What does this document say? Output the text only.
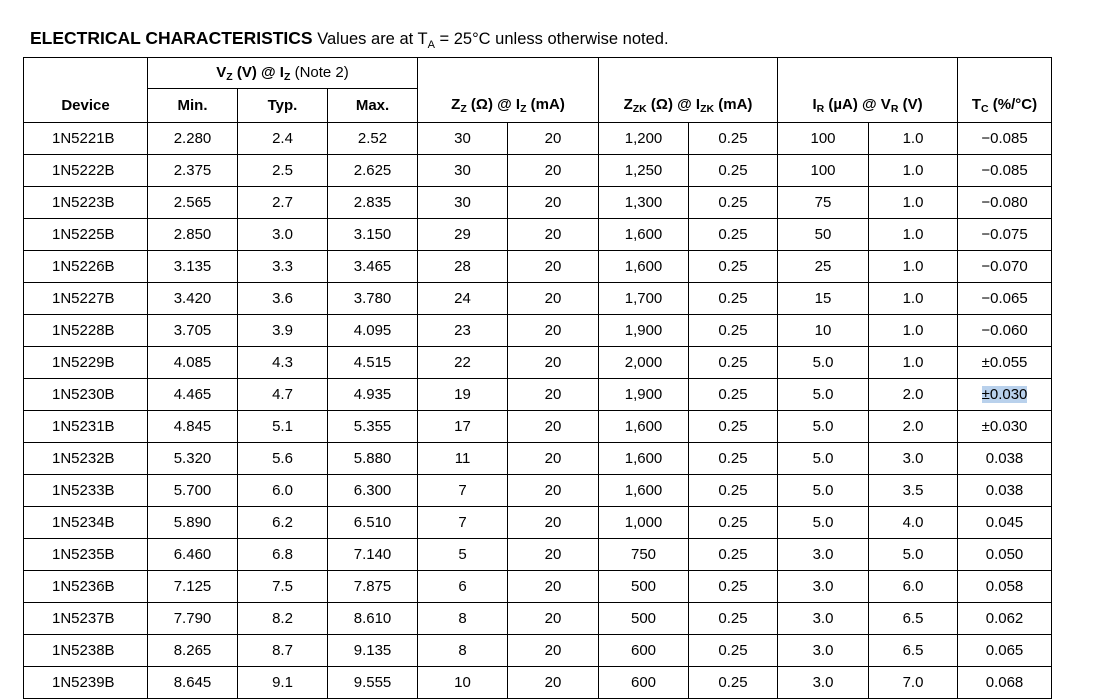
ELECTRICAL CHARACTERISTICS Values are at $T_A = 25^\circ C$ unless otherwise noted.
	$V_Z$ (V) @ $I_Z$ (Note 2)									
Device	Min.	Typ.	Max.	$Z_Z$ (Ω) @ $I_Z$ (mA)		$Z_{ZK}$ (Ω) @ $I_{ZK}$ (mA)		$I_R$ (µA) @ $V_R$ (V)		$T_C$ (%/°C)
1N5221B	2.280	2.4	2.52	30	20	1,200	0.25	100	1.0	−0.085
1N5222B	2.375	2.5	2.625	30	20	1,250	0.25	100	1.0	−0.085
1N5223B	2.565	2.7	2.835	30	20	1,300	0.25	75	1.0	−0.080
1N5225B	2.850	3.0	3.150	29	20	1,600	0.25	50	1.0	−0.075
1N5226B	3.135	3.3	3.465	28	20	1,600	0.25	25	1.0	−0.070
1N5227B	3.420	3.6	3.780	24	20	1,700	0.25	15	1.0	−0.065
1N5228B	3.705	3.9	4.095	23	20	1,900	0.25	10	1.0	−0.060
1N5229B	4.085	4.3	4.515	22	20	2,000	0.25	5.0	1.0	±0.055
1N5230B	4.465	4.7	4.935	19	20	1,900	0.25	5.0	2.0	±0.030
1N5231B	4.845	5.1	5.355	17	20	1,600	0.25	5.0	2.0	±0.030
1N5232B	5.320	5.6	5.880	11	20	1,600	0.25	5.0	3.0	0.038
1N5233B	5.700	6.0	6.300	7	20	1,600	0.25	5.0	3.5	0.038
1N5234B	5.890	6.2	6.510	7	20	1,000	0.25	5.0	4.0	0.045
1N5235B	6.460	6.8	7.140	5	20	750	0.25	3.0	5.0	0.050
1N5236B	7.125	7.5	7.875	6	20	500	0.25	3.0	6.0	0.058
1N5237B	7.790	8.2	8.610	8	20	500	0.25	3.0	6.5	0.062
1N5238B	8.265	8.7	9.135	8	20	600	0.25	3.0	6.5	0.065
1N5239B	8.645	9.1	9.555	10	20	600	0.25	3.0	7.0	0.068
